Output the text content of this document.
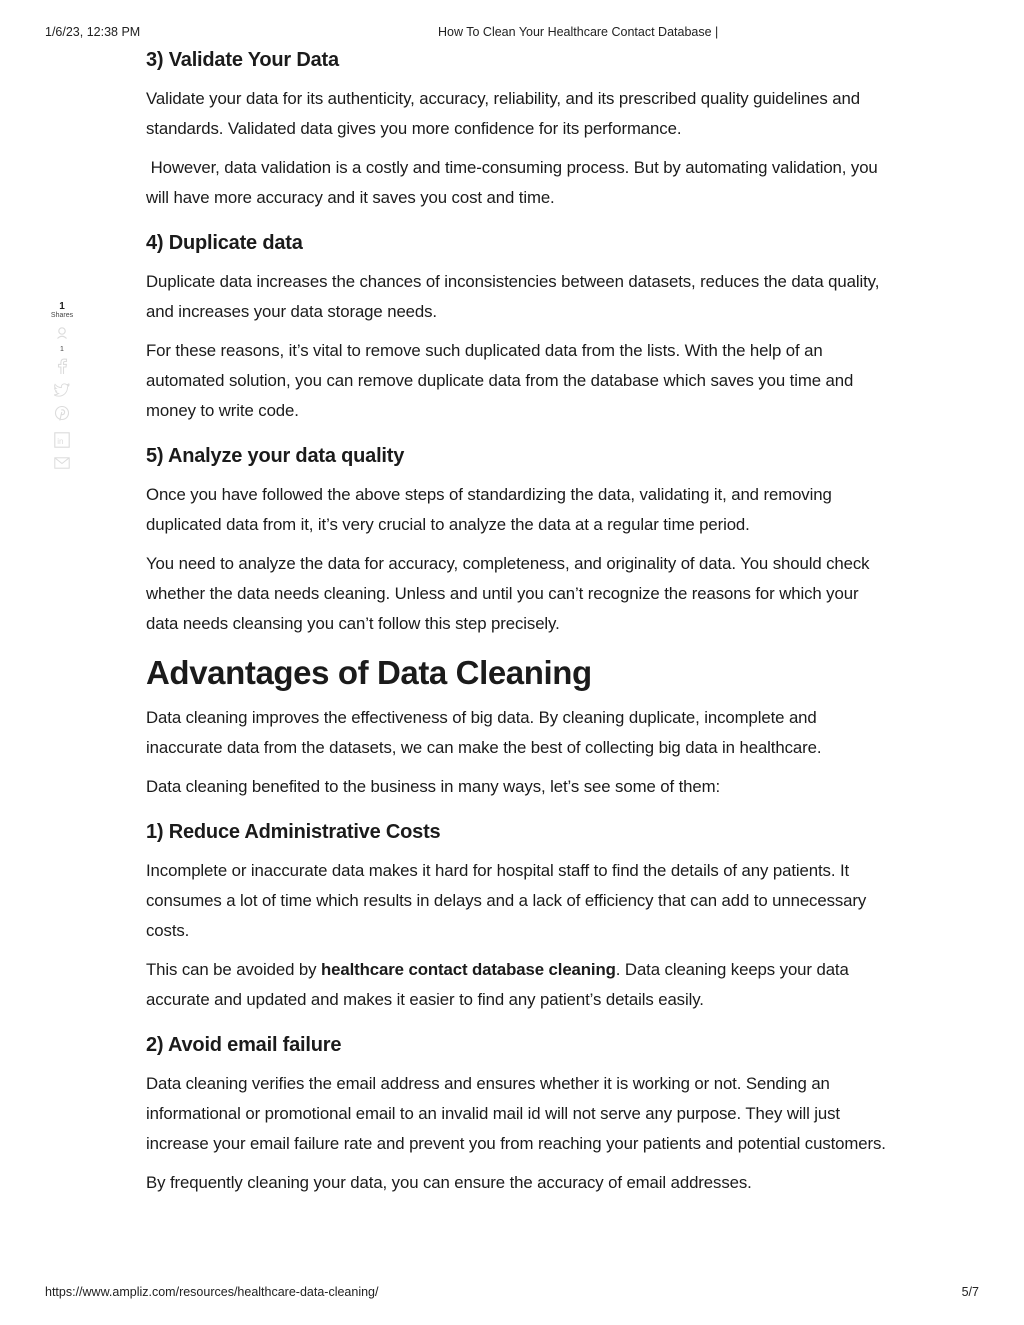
1/6/23, 12:38 PM	How To Clean Your Healthcare Contact Database |
1
Shares
1
in
3) Validate Your Data

Validate your data for its authenticity, accuracy, reliability, and its prescribed quality guidelines and standards. Validated data gives you more confidence for its performance.

However, data validation is a costly and time-consuming process. But by automating validation, you will have more accuracy and it saves you cost and time.

4) Duplicate data

Duplicate data increases the chances of inconsistencies between datasets, reduces the data quality, and increases your data storage needs.

For these reasons, it’s vital to remove such duplicated data from the lists. With the help of an automated solution, you can remove duplicate data from the database which saves you time and money to write code.

5) Analyze your data quality

Once you have followed the above steps of standardizing the data, validating it, and removing duplicated data from it, it’s very crucial to analyze the data at a regular time period.

You need to analyze the data for accuracy, completeness, and originality of data. You should check whether the data needs cleaning. Unless and until you can’t recognize the reasons for which your data needs cleansing you can’t follow this step precisely.

Advantages of Data Cleaning

Data cleaning improves the effectiveness of big data. By cleaning duplicate, incomplete and inaccurate data from the datasets, we can make the best of collecting big data in healthcare.

Data cleaning benefited to the business in many ways, let’s see some of them:

1) Reduce Administrative Costs

Incomplete or inaccurate data makes it hard for hospital staff to find the details of any patients. It consumes a lot of time which results in delays and a lack of efficiency that can add to unnecessary costs.

This can be avoided by healthcare contact database cleaning. Data cleaning keeps your data accurate and updated and makes it easier to find any patient’s details easily.

2) Avoid email failure

Data cleaning verifies the email address and ensures whether it is working or not. Sending an informational or promotional email to an invalid mail id will not serve any purpose. They will just increase your email failure rate and prevent you from reaching your patients and potential customers.

By frequently cleaning your data, you can ensure the accuracy of email addresses.

https://www.ampliz.com/resources/healthcare-data-cleaning/	5/7
